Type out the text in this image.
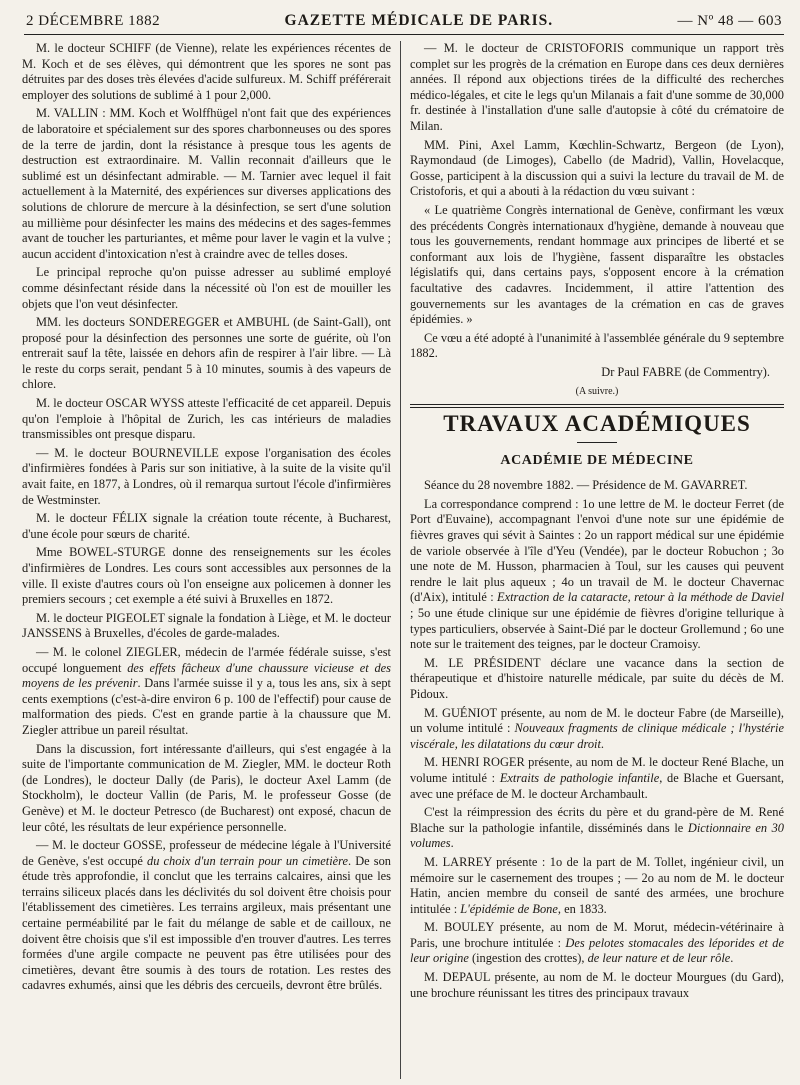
2 DÉCEMBRE 1882	GAZETTE MÉDICALE DE PARIS.	— Nº 48 — 603

M. le docteur SCHIFF (de Vienne), relate les expériences récentes de M. Koch et de ses élèves, qui démontrent que les spores ne sont pas détruites par des doses très élevées d'acide sulfureux. M. Schiff préférerait employer des solutions de sublimé à 1 pour 2,000.

M. VALLIN : MM. Koch et Wolffhügel n'ont fait que des expériences de laboratoire et spécialement sur des spores charbonneuses ou des spores de la terre de jardin, dont la résistance à presque tous les agents de destruction est extraordinaire. M. Vallin reconnait d'ailleurs que le sublimé est un désinfectant admirable. — M. Tarnier avec lequel il fait actuellement à la Maternité, des expériences sur diverses applications des solutions de chlorure de mercure à la désinfection, se sert d'une solution au millième pour désinfecter les mains des médecins et des sages-femmes avant de toucher les parturiantes, et même pour laver le vagin et la vulve ; aucun accident d'intoxication n'est à craindre avec de telles doses.

Le principal reproche qu'on puisse adresser au sublimé employé comme désinfectant réside dans la nécessité où l'on est de mouiller les objets que l'on veut désinfecter.

MM. les docteurs SONDEREGGER et AMBUHL (de Saint-Gall), ont proposé pour la désinfection des personnes une sorte de guérite, où l'on entrerait sauf la tête, laissée en dehors afin de respirer à l'air libre. — Là le reste du corps serait, pendant 5 à 10 minutes, soumis à des vapeurs de chlore.

M. le docteur OSCAR WYSS atteste l'efficacité de cet appareil. Depuis qu'on l'emploie à l'hôpital de Zurich, les cas intérieurs de maladies transmissibles ont presque disparu.

— M. le docteur BOURNEVILLE expose l'organisation des écoles d'infirmières fondées à Paris sur son initiative, à la suite de la visite qu'il avait faite, en 1877, à Londres, où il remarqua surtout l'école d'infirmières de Westminster.

M. le docteur FÉLIX signale la création toute récente, à Bucharest, d'une école pour sœurs de charité.

Mme BOWEL-STURGE donne des renseignements sur les écoles d'infirmières de Londres. Les cours sont accessibles aux personnes de la ville. Il existe d'autres cours où l'on enseigne aux policemen à donner les premiers secours ; cet exemple a été suivi à Bruxelles en 1872.

M. le docteur PIGEOLET signale la fondation à Liège, et M. le docteur JANSSENS à Bruxelles, d'écoles de garde-malades.

— M. le colonel ZIEGLER, médecin de l'armée fédérale suisse, s'est occupé longuement des effets fâcheux d'une chaussure vicieuse et des moyens de les prévenir. Dans l'armée suisse il y a, tous les ans, six à sept cents exemptions (c'est-à-dire environ 6 p. 100 de l'effectif) pour cause de malformation des pieds. C'est en grande partie à la chaussure que M. Ziegler attribue un pareil résultat.

Dans la discussion, fort intéressante d'ailleurs, qui s'est engagée à la suite de l'importante communication de M. Ziegler, MM. le docteur Roth (de Londres), le docteur Dally (de Paris), le docteur Axel Lamm (de Stockholm), le docteur Vallin (de Paris, M. le professeur Gosse (de Genève) et M. le docteur Petresco (de Bucharest) ont exposé, chacun de leur côté, les résultats de leur expérience personnelle.

— M. le docteur GOSSE, professeur de médecine légale à l'Université de Genève, s'est occupé du choix d'un terrain pour un cimetière. De son étude très approfondie, il conclut que les terrains calcaires, ainsi que les terrains siliceux placés dans les déclivités du sol doivent être choisis pour l'établissement des cimetières. Les terrains argileux, mais présentant une certaine perméabilité par le fait du mélange de sable et de cailloux, ne doivent être choisis que s'il est impossible d'en trouver d'autres. Les terres formées d'une argile compacte ne peuvent pas être utilisées pour des cimetières, devant être soumis à des tours de rotation. Les restes des cadavres exhumés, ainsi que les débris des cercueils, devront être brûlés.

— M. le docteur de CRISTOFORIS communique un rapport très complet sur les progrès de la crémation en Europe dans ces deux dernières années. Il répond aux objections tirées de la difficulté des recherches médico-légales, et cite le legs qu'un Milanais a fait d'une somme de 30,000 fr. destinée à l'installation d'une salle d'autopsie à côté du crématoire de Milan.

MM. Pini, Axel Lamm, Kœchlin-Schwartz, Bergeon (de Lyon), Raymondaud (de Limoges), Cabello (de Madrid), Vallin, Hovelacque, Gosse, participent à la discussion qui a suivi la lecture du travail de M. de Cristoforis, et qui a abouti à la rédaction du vœu suivant :

« Le quatrième Congrès international de Genève, confirmant les vœux des précédents Congrès internationaux d'hygiène, demande à nouveau que tous les gouvernements, rendant hommage aux principes de liberté et se conformant aux lois de l'hygiène, fassent disparaître les obstacles législatifs qui, dans certains pays, s'opposent encore à la crémation facultative des cadavres. Incidemment, il attire l'attention des gouvernements sur les avantages de la crémation en cas de graves épidémies. »

Ce vœu a été adopté à l'unanimité à l'assemblée générale du 9 septembre 1882.

Dr Paul FABRE (de Commentry).

(A suivre.)
TRAVAUX ACADÉMIQUES
ACADÉMIE DE MÉDECINE

Séance du 28 novembre 1882. — Présidence de M. GAVARRET.

La correspondance comprend : 1o une lettre de M. le docteur Ferret (de Port d'Euvaine), accompagnant l'envoi d'une note sur une épidémie de fièvres graves qui sévit à Saintes : 2o un rapport médical sur une épidémie de variole observée à l'île d'Yeu (Vendée), par le docteur Robuchon ; 3o une note de M. Husson, pharmacien à Toul, sur les causes qui peuvent rendre le lait plus aqueux ; 4o un travail de M. le docteur Chavernac (d'Aix), intitulé : Extraction de la cataracte, retour à la méthode de Daviel ; 5o une étude clinique sur une épidémie de fièvres d'origine tellurique à types particuliers, observée à Saint-Dié par le docteur Grollemund ; 6o une note sur le traitement des teignes, par le docteur Cramoisy.

M. LE PRÉSIDENT déclare une vacance dans la section de thérapeutique et d'histoire naturelle médicale, par suite du décès de M. Pidoux.

M. GUÉNIOT présente, au nom de M. le docteur Fabre (de Marseille), un volume intitulé : Nouveaux fragments de clinique médicale ; l'hystérie viscérale, les dilatations du cœur droit.

M. HENRI ROGER présente, au nom de M. le docteur René Blache, un volume intitulé : Extraits de pathologie infantile, de Blache et Guersant, avec une préface de M. le docteur Archambault.

C'est la réimpression des écrits du père et du grand-père de M. René Blache sur la pathologie infantile, disséminés dans le Dictionnaire en 30 volumes.

M. LARREY présente : 1o de la part de M. Tollet, ingénieur civil, un mémoire sur le casernement des troupes ; — 2o au nom de M. le docteur Hatin, ancien membre du conseil de santé des armées, une brochure intitulée : L'épidémie de Bone, en 1833.

M. BOULEY présente, au nom de M. Morut, médecin-vétérinaire à Paris, une brochure intitulée : Des pelotes stomacales des léporides et de leur origine (ingestion des crottes), de leur nature et de leur rôle.

M. DEPAUL présente, au nom de M. le docteur Mourgues (du Gard), une brochure réunissant les titres des principaux travaux
